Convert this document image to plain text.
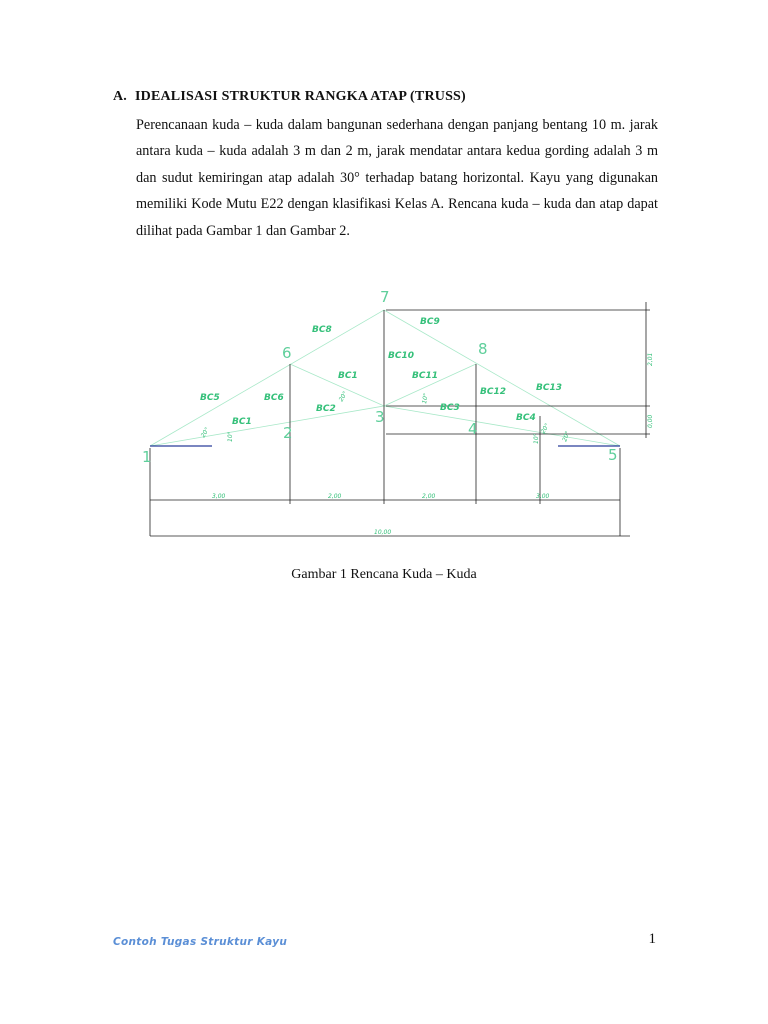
A. IDEALISASI STRUKTUR RANGKA ATAP (TRUSS)
Perencanaan kuda – kuda dalam bangunan sederhana dengan panjang bentang 10 m. jarak antara kuda – kuda adalah 3 m dan 2 m, jarak mendatar antara kedua gording adalah 3 m dan sudut kemiringan atap adalah 30° terhadap batang horizontal. Kayu yang digunakan memiliki Kode Mutu E22 dengan klasifikasi Kelas A. Rencana kuda – kuda dan atap dapat dilihat pada Gambar 1 dan Gambar 2.
1
2
3
4
5
6
7
8
BC1
BC2
BC1
BC3
BC4
BC5	BC6
BC8
BC9
BC10
BC11
BC12	BC13
20°	10°
20°	10°
20°
10°	20°
3,00	2,00	2,00	3,00
10,00
2,01
0,00
Gambar 1 Rencana Kuda – Kuda
Contoh Tugas Struktur Kayu	1
